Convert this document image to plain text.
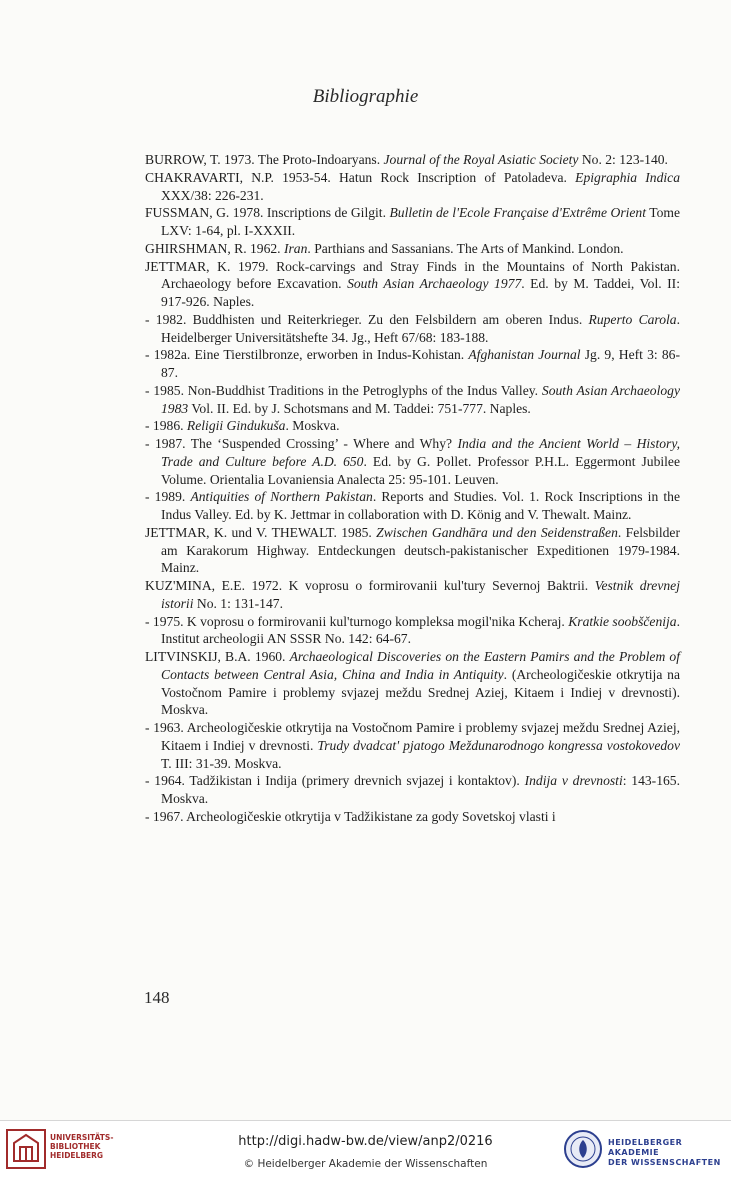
Bibliographie
BURROW, T. 1973. The Proto-Indoaryans. Journal of the Royal Asiatic Society No. 2: 123-140.
CHAKRAVARTI, N.P. 1953-54. Hatun Rock Inscription of Patoladeva. Epigraphia Indica XXX/38: 226-231.
FUSSMAN, G. 1978. Inscriptions de Gilgit. Bulletin de l'Ecole Française d'Extrême Orient Tome LXV: 1-64, pl. I-XXXII.
GHIRSHMAN, R. 1962. Iran. Parthians and Sassanians. The Arts of Mankind. London.
JETTMAR, K. 1979. Rock-carvings and Stray Finds in the Mountains of North Pakistan. Archaeology before Excavation. South Asian Archaeology 1977. Ed. by M. Taddei, Vol. II: 917-926. Naples.
- 1982. Buddhisten und Reiterkrieger. Zu den Felsbildern am oberen Indus. Ruperto Carola. Heidelberger Universitätshefte 34. Jg., Heft 67/68: 183-188.
- 1982a. Eine Tierstilbronze, erworben in Indus-Kohistan. Afghanistan Journal Jg. 9, Heft 3: 86-87.
- 1985. Non-Buddhist Traditions in the Petroglyphs of the Indus Valley. South Asian Archaeology 1983 Vol. II. Ed. by J. Schotsmans and M. Taddei: 751-777. Naples.
- 1986. Religii Gindukuša. Moskva.
- 1987. The ‘Suspended Crossing’ - Where and Why? India and the Ancient World – History, Trade and Culture before A.D. 650. Ed. by G. Pollet. Professor P.H.L. Eggermont Jubilee Volume. Orientalia Lovaniensia Analecta 25: 95-101. Leuven.
- 1989. Antiquities of Northern Pakistan. Reports and Studies. Vol. 1. Rock Inscriptions in the Indus Valley. Ed. by K. Jettmar in collaboration with D. König and V. Thewalt. Mainz.
JETTMAR, K. und V. THEWALT. 1985. Zwischen Gandhāra und den Seidenstraßen. Felsbilder am Karakorum Highway. Entdeckungen deutsch-pakistanischer Expeditionen 1979-1984. Mainz.
KUZ'MINA, E.E. 1972. K voprosu o formirovanii kul'tury Severnoj Baktrii. Vestnik drevnej istorii No. 1: 131-147.
- 1975. K voprosu o formirovanii kul'turnogo kompleksa mogil'nika Kcheraj. Kratkie soobščenija. Institut archeologii AN SSSR No. 142: 64-67.
LITVINSKIJ, B.A. 1960. Archaeological Discoveries on the Eastern Pamirs and the Problem of Contacts between Central Asia, China and India in Antiquity. (Archeologičeskie otkrytija na Vostočnom Pamire i problemy svjazej meždu Srednej Aziej, Kitaem i Indiej v drevnosti). Moskva.
- 1963. Archeologičeskie otkrytija na Vostočnom Pamire i problemy svjazej meždu Srednej Aziej, Kitaem i Indiej v drevnosti. Trudy dvadcat' pjatogo Meždunarodnogo kongressa vostokovedov T. III: 31-39. Moskva.
- 1964. Tadžikistan i Indija (primery drevnich svjazej i kontaktov). Indija v drevnosti: 143-165. Moskva.
- 1967. Archeologičeskie otkrytija v Tadžikistane za gody Sovetskoj vlasti i
148
UNIVERSITÄTS-
BIBLIOTHEK
HEIDELBERG
http://digi.hadw-bw.de/view/anp2/0216
© Heidelberger Akademie der Wissenschaften
HEIDELBERGER AKADEMIE
DER WISSENSCHAFTEN
